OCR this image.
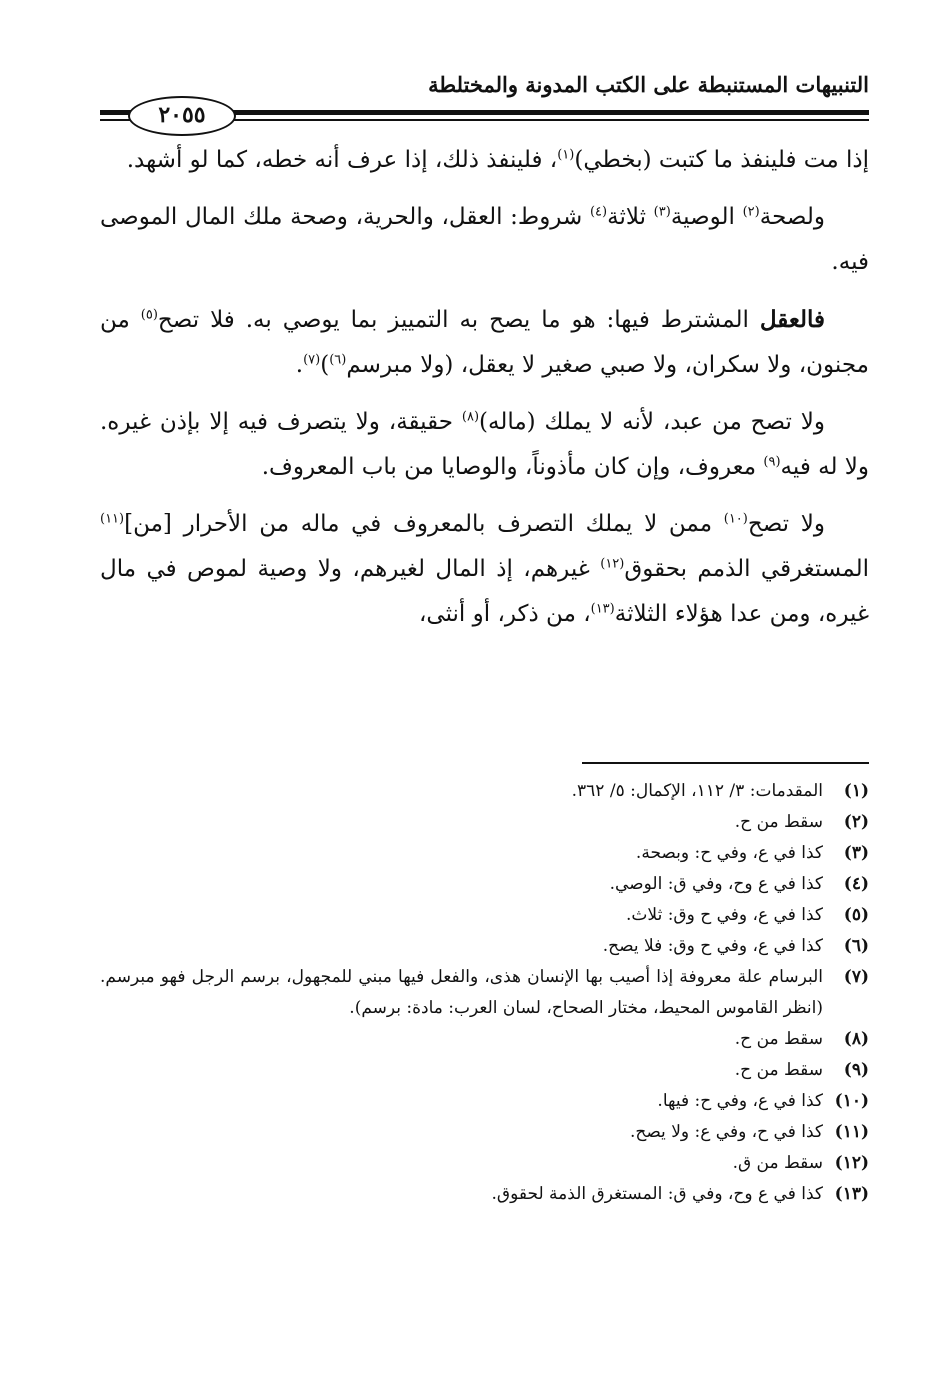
التنبيهات المستنبطة على الكتب المدونة والمختلطة
٢٠٥٥

إذا مت فلينفذ ما كتبت (بخطي)$^{(١)}$، فلينفذ ذلك، إذا عرف أنه خطه، كما لو أشهد.

ولصحة$^{(٢)}$ الوصية$^{(٣)}$ ثلاثة$^{(٤)}$ شروط: العقل، والحرية، وصحة ملك المال الموصى فيه.

فالعقل المشترط فيها: هو ما يصح به التمييز بما يوصي به. فلا تصح$^{(٥)}$ من مجنون، ولا سكران، ولا صبي صغير لا يعقل، (ولا مبرسم$^{(٦)}$)$^{(٧)}$.

ولا تصح من عبد، لأنه لا يملك (ماله)$^{(٨)}$ حقيقة، ولا يتصرف فيه إلا بإذن غيره. ولا له فيه$^{(٩)}$ معروف، وإن كان مأذوناً، والوصايا من باب المعروف.

ولا تصح$^{(١٠)}$ ممن لا يملك التصرف بالمعروف في ماله من الأحرار [من]$^{(١١)}$ المستغرقي الذمم بحقوق$^{(١٢)}$ غيرهم، إذ المال لغيرهم، ولا وصية لموص في مال غيره، ومن عدا هؤلاء الثلاثة$^{(١٣)}$، من ذكر، أو أنثى،

(١)
المقدمات: ٣/ ١١٢، الإكمال: ٥/ ٣٦٢.
(٢)
سقط من ح.
(٣)
كذا في ع، وفي ح: وبصحة.
(٤)
كذا في ع وح، وفي ق: الوصي.
(٥)
كذا في ع، وفي ح وق: ثلاث.
(٦)
كذا في ع، وفي ح وق: فلا يصح.
(٧)
البرسام علة معروفة إذا أصيب بها الإنسان هذى، والفعل فيها مبني للمجهول، برسم الرجل فهو مبرسم. (انظر القاموس المحيط، مختار الصحاح، لسان العرب: مادة: برسم).
(٨)
سقط من ح.
(٩)
سقط من ح.
(١٠)
كذا في ع، وفي ح: فيها.
(١١)
كذا في ح، وفي ع: ولا يصح.
(١٢)
سقط من ق.
(١٣)
كذا في ع وح، وفي ق: المستغرق الذمة لحقوق.
